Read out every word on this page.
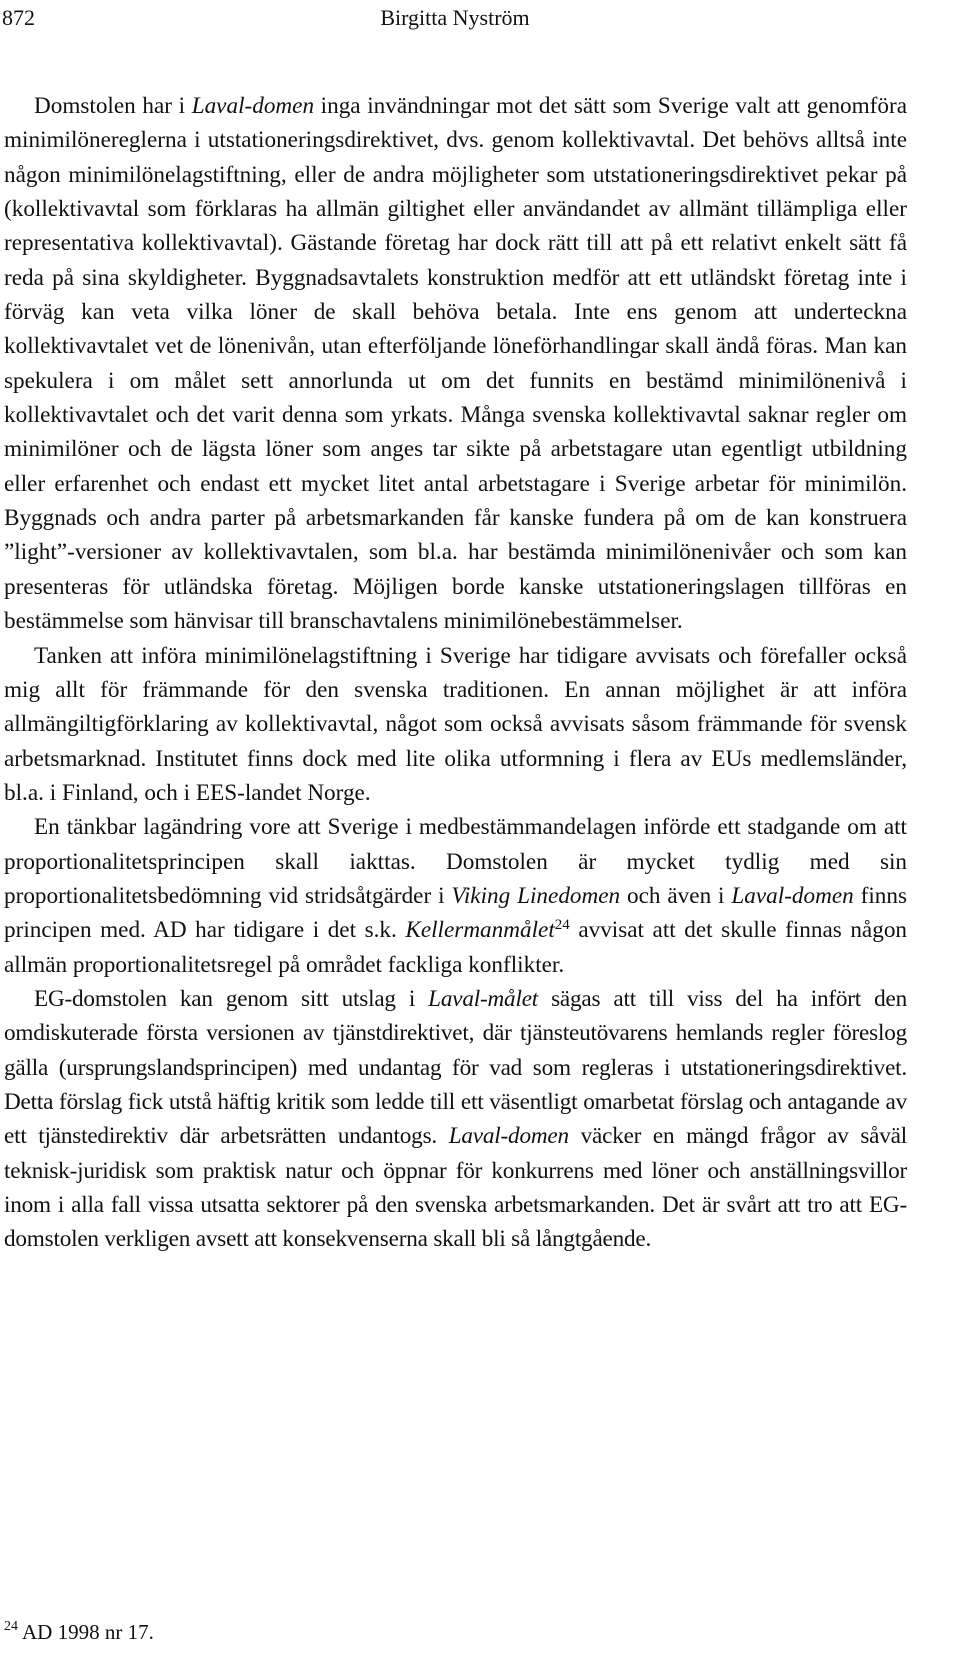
872	Birgitta Nyström

Domstolen har i Laval-domen inga invändningar mot det sätt som Sverige valt att genomföra minimilönereglerna i utstationeringsdirektivet, dvs. genom kollektivavtal. Det behövs alltså inte någon minimilönelagstiftning, eller de andra möjligheter som utstationeringsdirektivet pekar på (kollektivavtal som förklaras ha allmän giltighet eller användandet av allmänt tillämpliga eller representativa kollektivavtal). Gästande företag har dock rätt till att på ett relativt enkelt sätt få reda på sina skyldigheter. Byggnadsavtalets konstruktion medför att ett utländskt företag inte i förväg kan veta vilka löner de skall behöva betala. Inte ens genom att underteckna kollektivavtalet vet de lönenivån, utan efterföljande löneförhandlingar skall ändå föras. Man kan spekulera i om målet sett annorlunda ut om det funnits en bestämd minimilönenivå i kollektivavtalet och det varit denna som yrkats. Många svenska kollektivavtal saknar regler om minimilöner och de lägsta löner som anges tar sikte på arbetstagare utan egentligt utbildning eller erfarenhet och endast ett mycket litet antal arbetstagare i Sverige arbetar för minimilön. Byggnads och andra parter på arbetsmarkanden får kanske fundera på om de kan konstruera ”light”-versioner av kollektivavtalen, som bl.a. har bestämda minimilönenivåer och som kan presenteras för utländska företag. Möjligen borde kanske utstationeringslagen tillföras en bestämmelse som hänvisar till branschavtalens minimilönebestämmelser.

Tanken att införa minimilönelagstiftning i Sverige har tidigare avvisats och förefaller också mig allt för främmande för den svenska traditionen. En annan möjlighet är att införa allmängiltigförklaring av kollektivavtal, något som också avvisats såsom främmande för svensk arbetsmarknad. Institutet finns dock med lite olika utformning i flera av EUs medlemsländer, bl.a. i Finland, och i EES-landet Norge.

En tänkbar lagändring vore att Sverige i medbestämmandelagen införde ett stadgande om att proportionalitetsprincipen skall iakttas. Domstolen är mycket tydlig med sin proportionalitetsbedömning vid stridsåtgärder i Viking Linedomen och även i Laval-domen finns principen med. AD har tidigare i det s.k. Kellermanmålet$^{24}$ avvisat att det skulle finnas någon allmän proportionalitetsregel på området fackliga konflikter.

EG-domstolen kan genom sitt utslag i Laval-målet sägas att till viss del ha infört den omdiskuterade första versionen av tjänstdirektivet, där tjänsteutövarens hemlands regler föreslog gälla (ursprungslandsprincipen) med undantag för vad som regleras i utstationeringsdirektivet. Detta förslag fick utstå häftig kritik som ledde till ett väsentligt omarbetat förslag och antagande av ett tjänstedirektiv där arbetsrätten undantogs. Laval-domen väcker en mängd frågor av såväl teknisk-juridisk som praktisk natur och öppnar för konkurrens med löner och anställningsvillor inom i alla fall vissa utsatta sektorer på den svenska arbetsmarkanden. Det är svårt att tro att EG-domstolen verkligen avsett att konsekvenserna skall bli så långtgående.

$^{24}$ AD 1998 nr 17.
